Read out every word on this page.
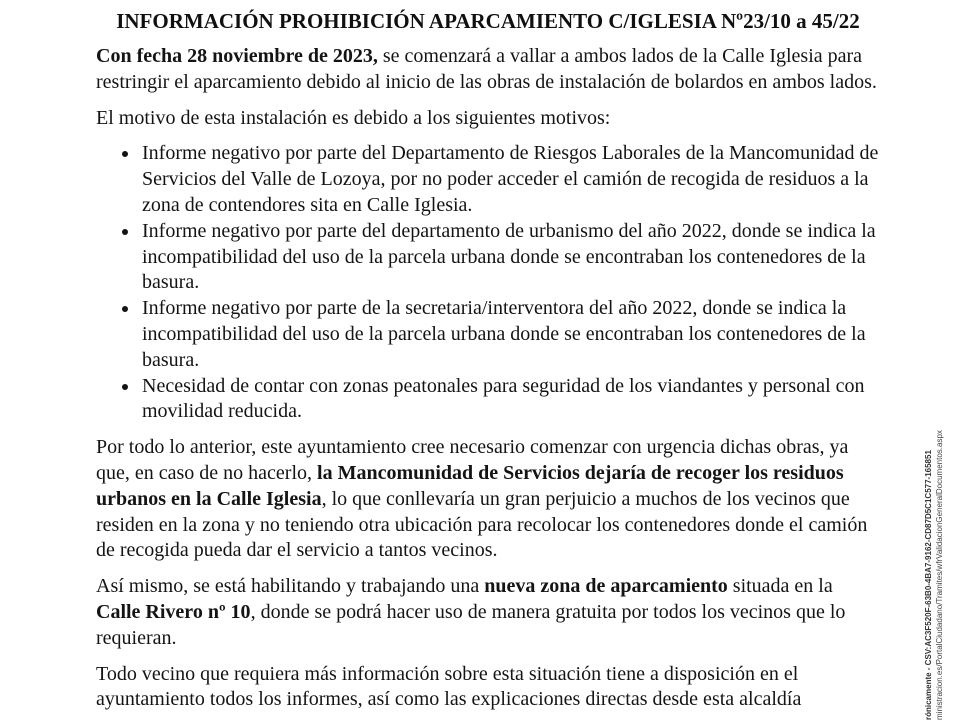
INFORMACIÓN PROHIBICIÓN APARCAMIENTO C/IGLESIA Nº23/10 a 45/22

Con fecha 28 noviembre de 2023, se comenzará a vallar a ambos lados de la Calle Iglesia para restringir el aparcamiento debido al inicio de las obras de instalación de bolardos en ambos lados.

El motivo de esta instalación es debido a los siguientes motivos:

• Informe negativo por parte del Departamento de Riesgos Laborales de la Mancomunidad de Servicios del Valle de Lozoya, por no poder acceder el camión de recogida de residuos a la zona de contendores sita en Calle Iglesia.
• Informe negativo por parte del departamento de urbanismo del año 2022, donde se indica la incompatibilidad del uso de la parcela urbana donde se encontraban los contenedores de la basura.
• Informe negativo por parte de la secretaria/interventora del año 2022, donde se indica la incompatibilidad del uso de la parcela urbana donde se encontraban los contenedores de la basura.
• Necesidad de contar con zonas peatonales para seguridad de los viandantes y personal con movilidad reducida.

Por todo lo anterior, este ayuntamiento cree necesario comenzar con urgencia dichas obras, ya que, en caso de no hacerlo, la Mancomunidad de Servicios dejaría de recoger los residuos urbanos en la Calle Iglesia, lo que conllevaría un gran perjuicio a muchos de los vecinos que residen en la zona y no teniendo otra ubicación para recolocar los contenedores donde el camión de recogida pueda dar el servicio a tantos vecinos.

Así mismo, se está habilitando y trabajando una nueva zona de aparcamiento situada en la Calle Rivero nº 10, donde se podrá hacer uso de manera gratuita por todos los vecinos que lo requieran.

Todo vecino que requiera más información sobre esta situación tiene a disposición en el ayuntamiento todos los informes, así como las explicaciones directas desde esta alcaldía	rónicamente - CSV:AC3F520F-63B0-4BA7-9162-CD87D5C1C577-165851 ministracion.es/PortalCiudadano/Tramites/wfrValidacionGeneralDocumentos.aspx
